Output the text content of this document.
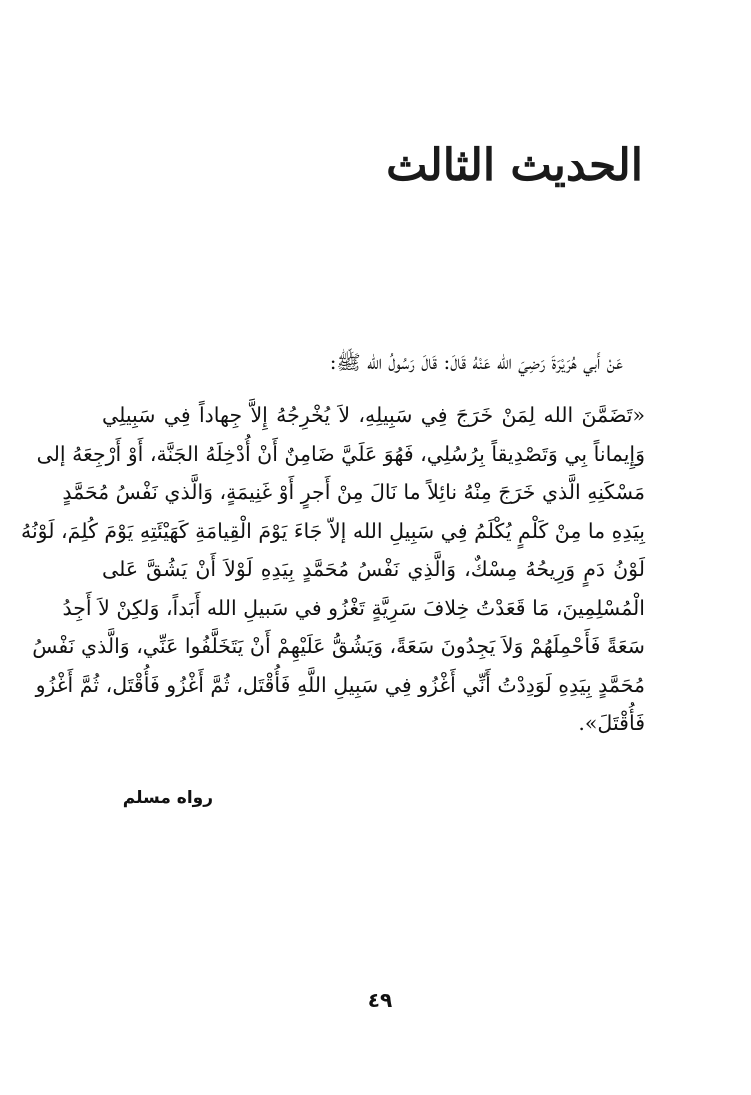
الحديث الثالث
عَنْ أَبي هُرَيْرَةَ رَضِيَ الله عَنْهُ قَالَ: قَالَ رَسُولُ الله ﷺ:
«تَضَمَّنَ الله لِمَنْ خَرَجَ فِي سَبِيلِهِ، لاَ يُخْرِجُهُ إِلاَّ جِهاداً فِي سَبِيلِي
وَإِيماناً بِي وَتَصْدِيقاً بِرُسُلِي، فَهُوَ عَلَيَّ ضَامِنٌ أَنْ أُدْخِلَهُ الجَنَّة، أَوْ أَرْجِعَهُ إلى
مَسْكَنِهِ الَّذي خَرَجَ مِنْهُ نائِلاً ما نَالَ مِنْ أَجرٍ أَوْ غَنِيمَةٍ، وَالَّذي نَفْسُ مُحَمَّدٍ
بِيَدِهِ ما مِنْ كَلْمٍ يُكْلَمُ فِي سَبِيلِ الله إلاّ جَاءَ يَوْمَ الْقِيامَةِ كَهَيْئَتِهِ يَوْمَ كُلِمَ، لَوْنُهُ
لَوْنُ دَمٍ وَرِيحُهُ مِسْكٌ، وَالَّذِي نَفْسُ مُحَمَّدٍ بِيَدِهِ لَوْلاَ أَنْ يَشُقَّ عَلى
الْمُسْلِمِينَ، مَا قَعَدْتُ خِلافَ سَرِيَّةٍ تَغْزُو في سَبيلِ الله أَبَداً، وَلكِنْ لاَ أَجِدُ
سَعَةً فَأَحْمِلَهُمْ وَلاَ يَجِدُونَ سَعَةً، وَيَشُقُّ عَلَيْهِمْ أَنْ يَتَخَلَّفُوا عَنِّي، وَالَّذي نَفْسُ
مُحَمَّدٍ بِيَدِهِ لَوَدِدْتُ أَنِّي أَغْزُو فِي سَبِيلِ اللَّهِ فَأُقْتَل، ثُمَّ أَغْزُو فَأُقْتَل، ثُمَّ أَغْزُو
فَأُقْتَلَ».
رواه مسلم
٤٩
